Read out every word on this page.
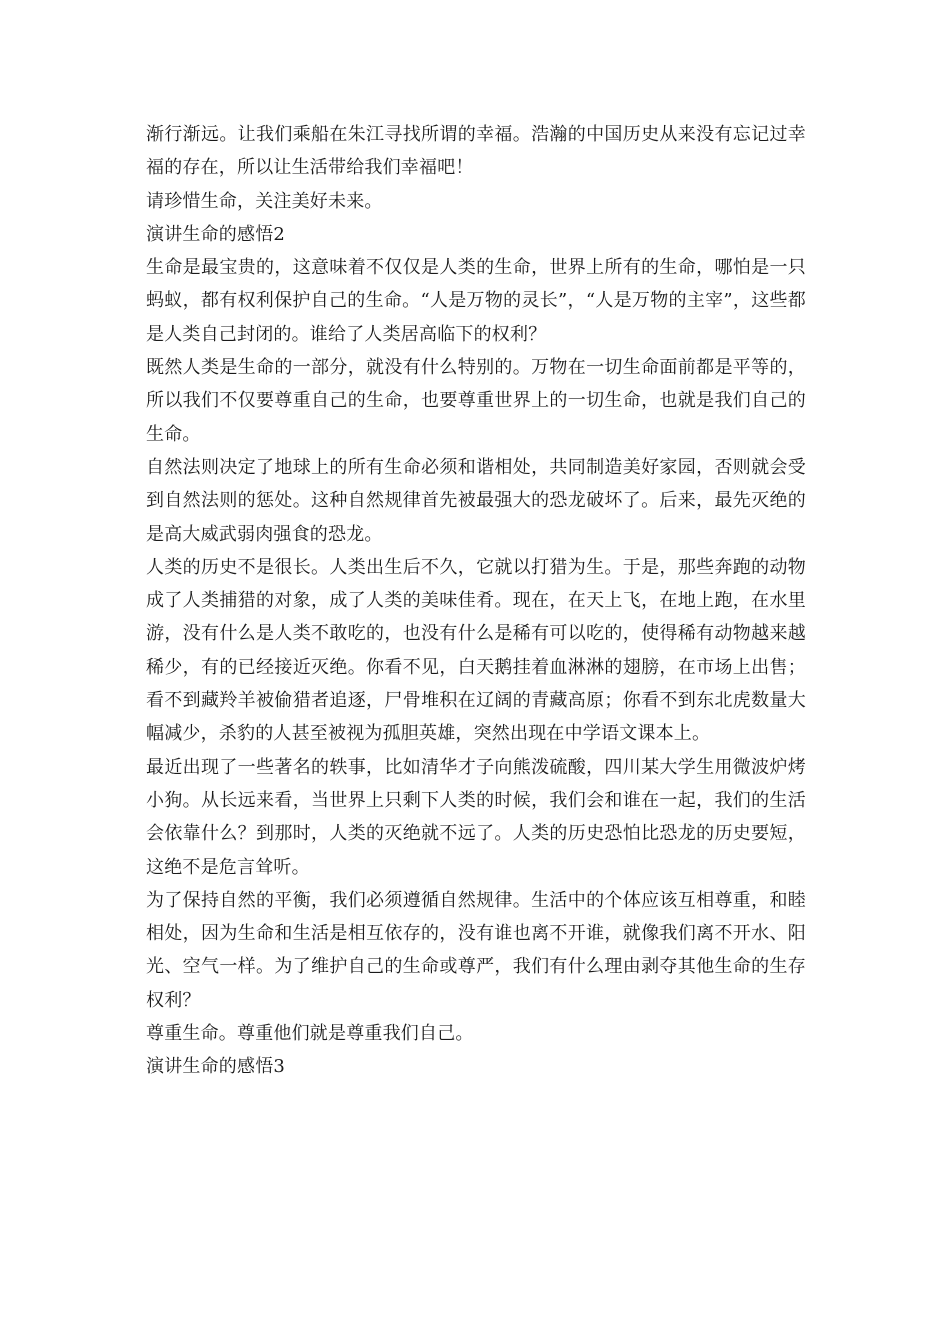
渐行渐远。让我们乘船在朱江寻找所谓的幸福。浩瀚的中国历史从来没有忘记过幸福的存在，所以让生活带给我们幸福吧！

请珍惜生命，关注美好未来。

演讲生命的感悟2

生命是最宝贵的，这意味着不仅仅是人类的生命，世界上所有的生命，哪怕是一只蚂蚁，都有权利保护自己的生命。“人是万物的灵长”，“人是万物的主宰”，这些都是人类自己封闭的。谁给了人类居高临下的权利？

既然人类是生命的一部分，就没有什么特别的。万物在一切生命面前都是平等的，所以我们不仅要尊重自己的生命，也要尊重世界上的一切生命，也就是我们自己的生命。

自然法则决定了地球上的所有生命必须和谐相处，共同制造美好家园，否则就会受到自然法则的惩处。这种自然规律首先被最强大的恐龙破坏了。后来，最先灭绝的是高大威武弱肉强食的恐龙。

人类的历史不是很长。人类出生后不久，它就以打猎为生。于是，那些奔跑的动物成了人类捕猎的对象，成了人类的美味佳肴。现在，在天上飞，在地上跑，在水里游，没有什么是人类不敢吃的，也没有什么是稀有可以吃的，使得稀有动物越来越稀少，有的已经接近灭绝。你看不见，白天鹅挂着血淋淋的翅膀，在市场上出售；看不到藏羚羊被偷猎者追逐，尸骨堆积在辽阔的青藏高原；你看不到东北虎数量大幅减少，杀豹的人甚至被视为孤胆英雄，突然出现在中学语文课本上。

最近出现了一些著名的轶事，比如清华才子向熊泼硫酸，四川某大学生用微波炉烤小狗。从长远来看，当世界上只剩下人类的时候，我们会和谁在一起，我们的生活会依靠什么？到那时，人类的灭绝就不远了。人类的历史恐怕比恐龙的历史要短，这绝不是危言耸听。

为了保持自然的平衡，我们必须遵循自然规律。生活中的个体应该互相尊重，和睦相处，因为生命和生活是相互依存的，没有谁也离不开谁，就像我们离不开水、阳光、空气一样。为了维护自己的生命或尊严，我们有什么理由剥夺其他生命的生存权利？

尊重生命。尊重他们就是尊重我们自己。

演讲生命的感悟3
